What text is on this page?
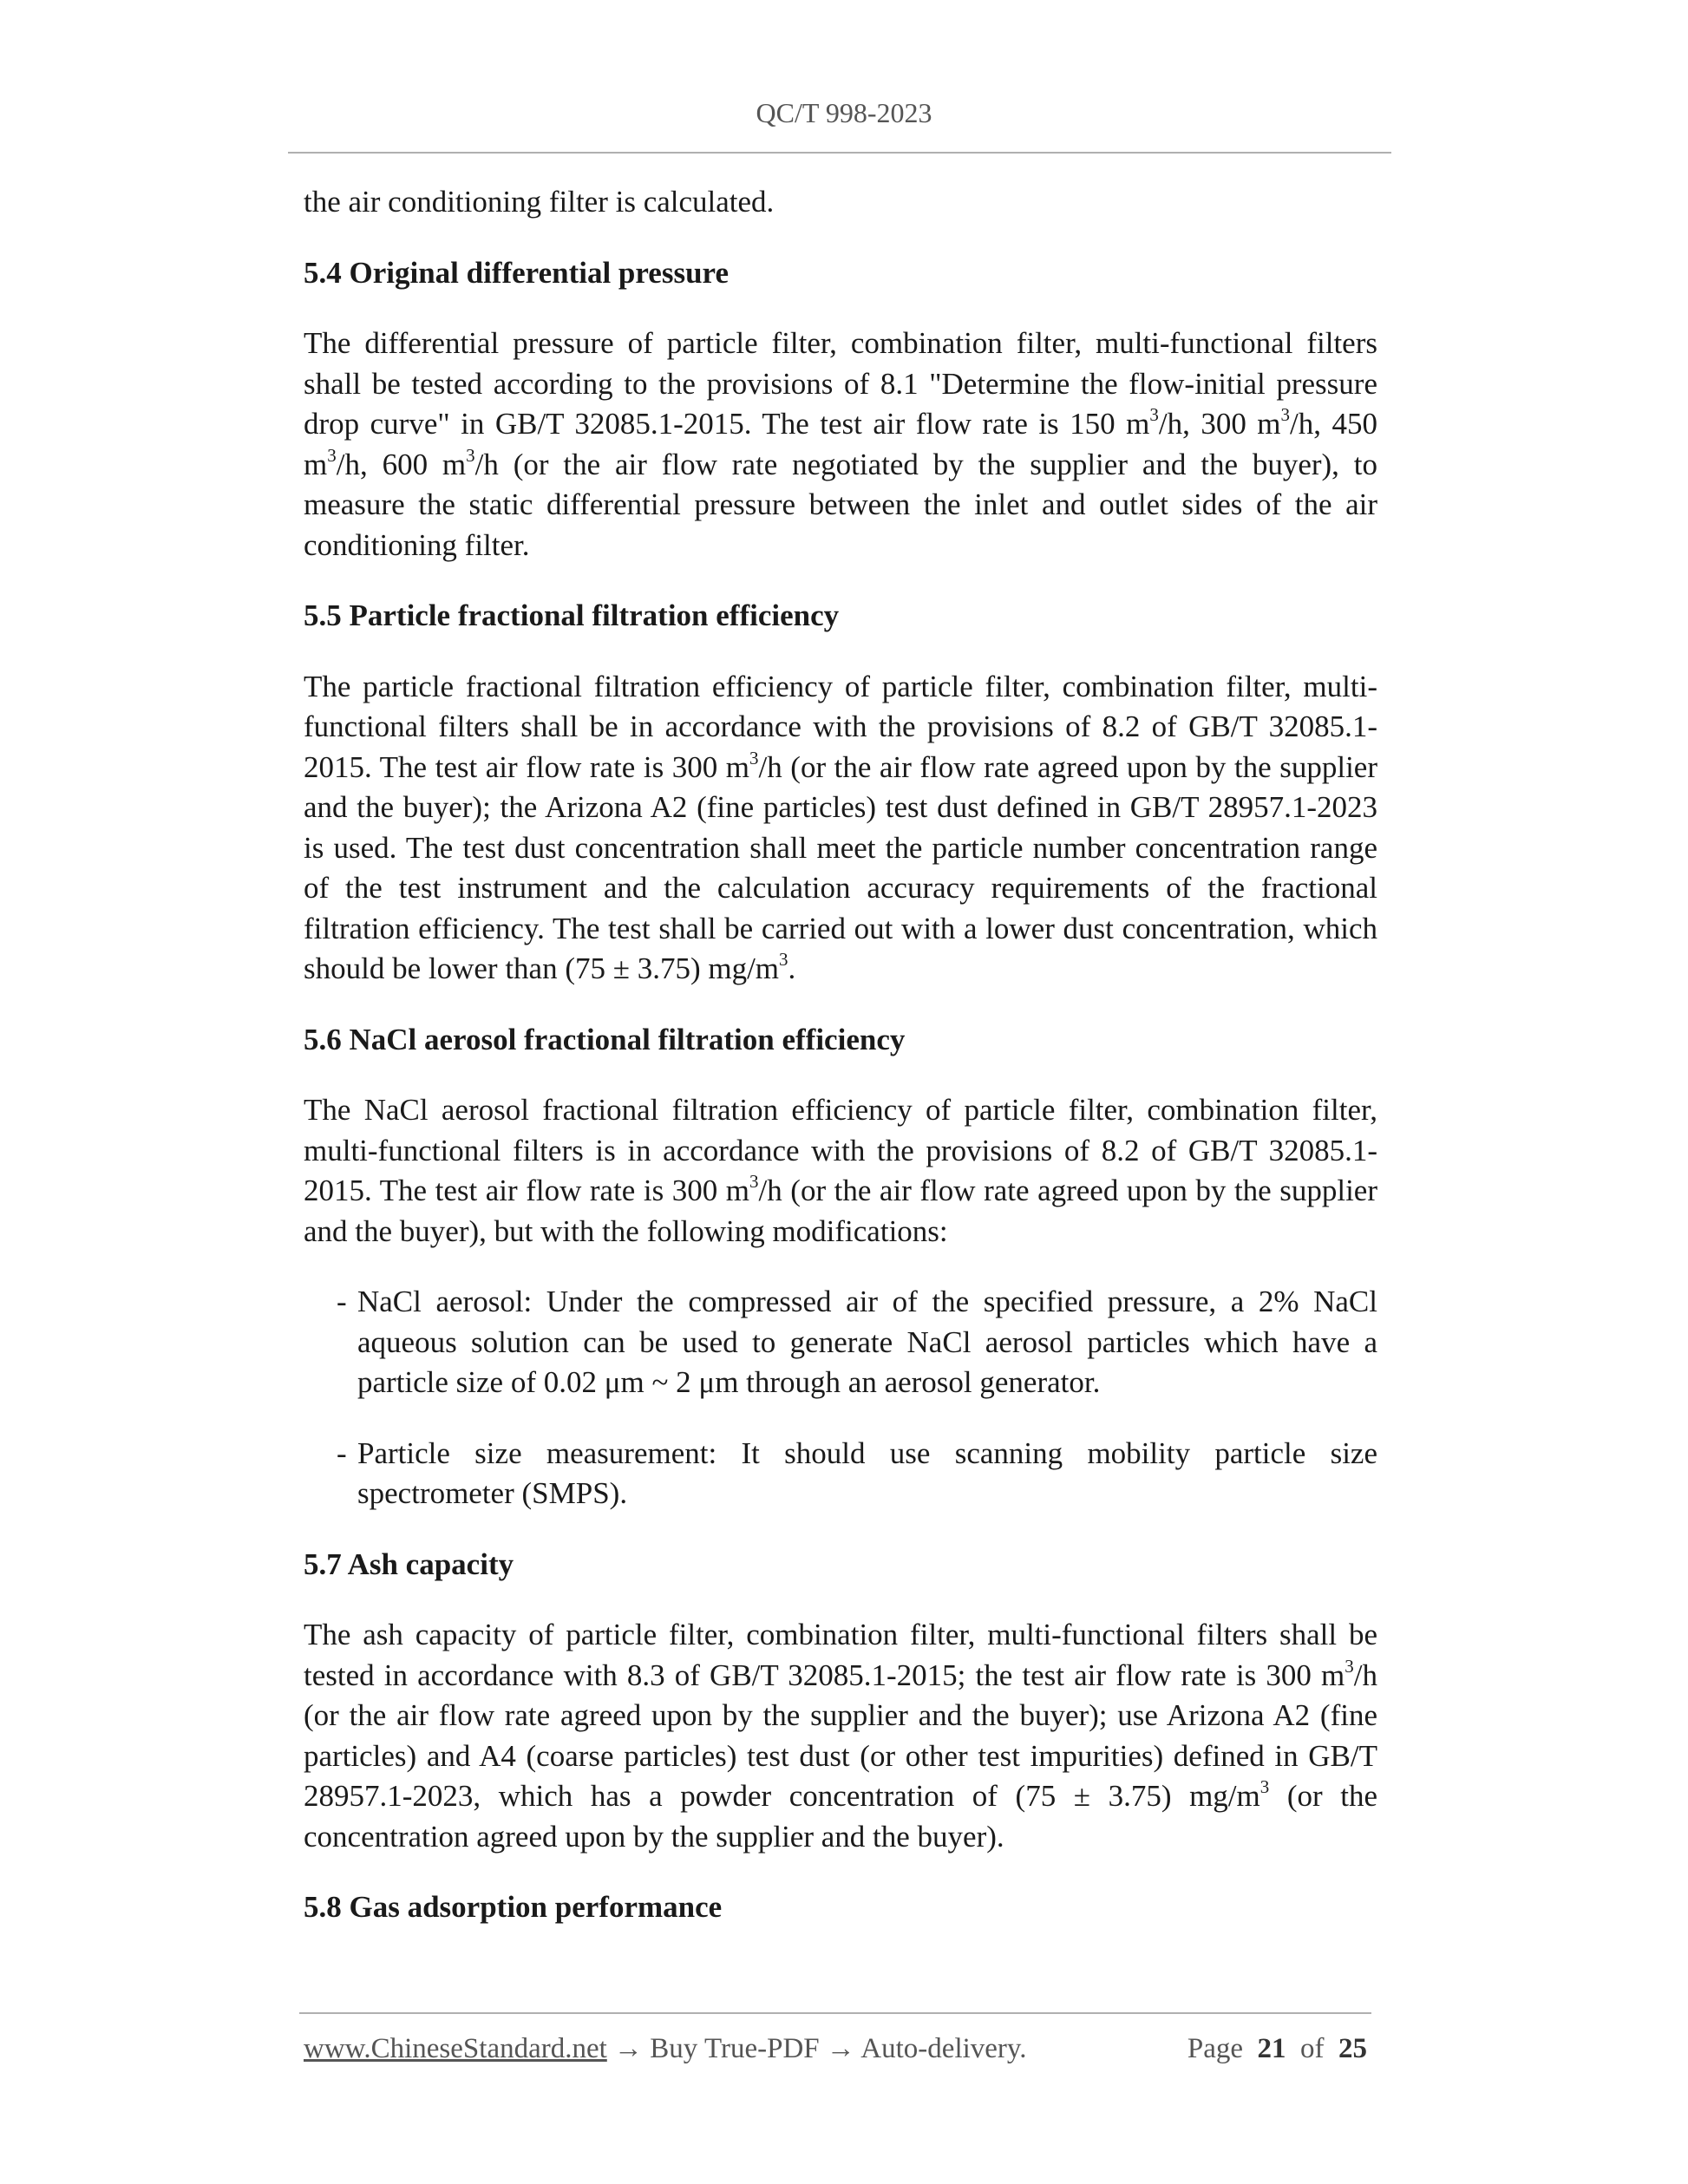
QC/T 998-2023

the air conditioning filter is calculated.

5.4 Original differential pressure

The differential pressure of particle filter, combination filter, multi-functional filters shall be tested according to the provisions of 8.1 "Determine the flow-initial pressure drop curve" in GB/T 32085.1-2015. The test air flow rate is 150 $m^3/h$, 300 $m^3/h$, 450 $m^3/h$, 600 $m^3/h$ (or the air flow rate negotiated by the supplier and the buyer), to measure the static differential pressure between the inlet and outlet sides of the air conditioning filter.

5.5 Particle fractional filtration efficiency

The particle fractional filtration efficiency of particle filter, combination filter, multi-functional filters shall be in accordance with the provisions of 8.2 of GB/T 32085.1-2015. The test air flow rate is 300 $m^3/h$ (or the air flow rate agreed upon by the supplier and the buyer); the Arizona A2 (fine particles) test dust defined in GB/T 28957.1-2023 is used. The test dust concentration shall meet the particle number concentration range of the test instrument and the calculation accuracy requirements of the fractional filtration efficiency. The test shall be carried out with a lower dust concentration, which should be lower than (75 ± 3.75) $mg/m^3$.

5.6 NaCl aerosol fractional filtration efficiency

The NaCl aerosol fractional filtration efficiency of particle filter, combination filter, multi-functional filters is in accordance with the provisions of 8.2 of GB/T 32085.1-2015. The test air flow rate is 300 $m^3/h$ (or the air flow rate agreed upon by the supplier and the buyer), but with the following modifications:

- NaCl aerosol: Under the compressed air of the specified pressure, a 2% NaCl aqueous solution can be used to generate NaCl aerosol particles which have a particle size of 0.02 μm ~ 2 μm through an aerosol generator.

- Particle size measurement: It should use scanning mobility particle size spectrometer (SMPS).

5.7 Ash capacity

The ash capacity of particle filter, combination filter, multi-functional filters shall be tested in accordance with 8.3 of GB/T 32085.1-2015; the test air flow rate is 300 $m^3/h$ (or the air flow rate agreed upon by the supplier and the buyer); use Arizona A2 (fine particles) and A4 (coarse particles) test dust (or other test impurities) defined in GB/T 28957.1-2023, which has a powder concentration of (75 ± 3.75) $mg/m^3$ (or the concentration agreed upon by the supplier and the buyer).

5.8 Gas adsorption performance

www.ChineseStandard.net → Buy True-PDF → Auto-delivery.	Page 21 of 25
